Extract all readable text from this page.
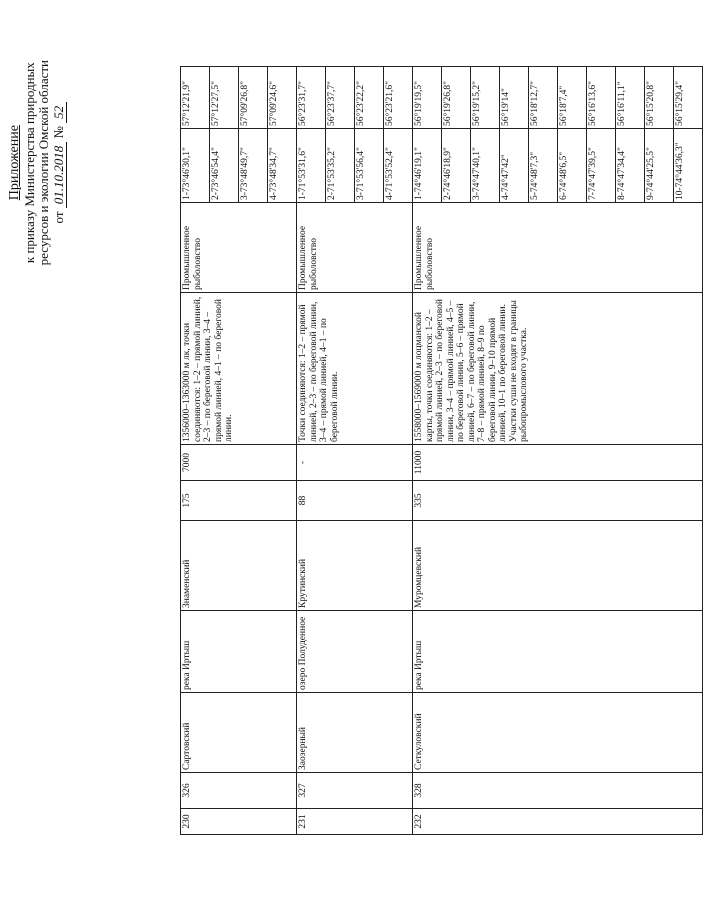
Приложение к приказу Министерства природных ресурсов и экологии Омской области от 01.10.2018 № 52
230	326	Сартовский	река Иртыш	Знаменский	175	7000	1356000–1363000 м лк, точки соединяются: 1–2 – прямой линией, 2–3 – по береговой линии, 3–4 – прямой линией, 4–1 – по береговой линии.	Промышленное рыболовство	1-73°46'30,1"	57°12'21,9"
									2-73°46'54,4"	57°12'27,5"
									3-73°48'49,7"	57°09'26,8"
									4-73°48'34,7"	57°09'24,6"
231	327	Заозерный	озеро Полуденное	Крутинский	88	-	Точки соединяются: 1–2 – прямой линией, 2–3 – по береговой линии, 3–4 – прямой линией, 4–1 – по береговой линии.	Промышленное рыболовство	1-71°53'31,6"	56°23'31,7"
									2-71°53'35,2"	56°23'37,7"
									3-71°53'56,4"	56°23'22,2"
									4-71°53'52,4"	56°23'21,6"
232	328	Сеткуловский	река Иртыш	Муромцевский	335	11000	1558000–1569000 м лоцманской карты, точки соединяются: 1–2 – прямой линией, 2–3 – по береговой линии, 3–4 – прямой линией, 4–5 – по береговой линии, 5–6 – прямой линией, 6–7 – по береговой линии, 7–8 – прямой линией, 8–9 по береговой линии, 9–10 прямой линией, 10–1 по береговой линии. Участки суши не входят в границы рыбопромыслового участка.	Промышленное рыболовство	1-74°46'19,1"	56°19'19,5"
									2-74°46'18,9"	56°19'26,8"
									3-74°47'40,1"	56°19'15,2"
									4-74°47'42"	56°19'14"
									5-74°48'7,3"	56°18'12,7"
									6-74°48'6,5"	56°18'7,4"
									7-74°47'39,5"	56°16'13,6"
									8-74°47'34,4"	56°16'11,1"
									9-74°44'25,5"	56°15'20,8"
									10-74°44'36,3"	56°15'29,4"
